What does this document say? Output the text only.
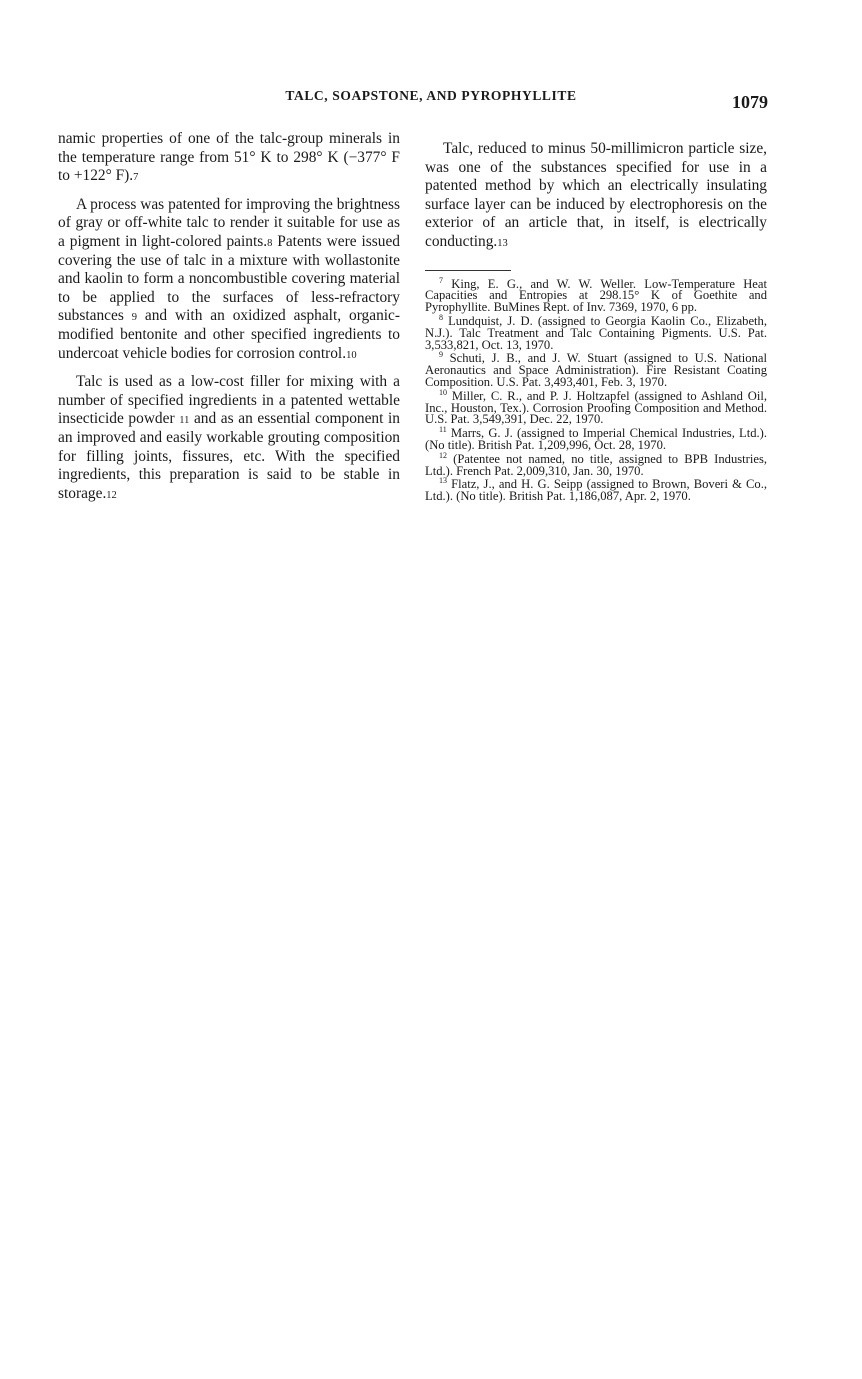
TALC, SOAPSTONE, AND PYROPHYLLITE	1079

namic properties of one of the talc-group minerals in the temperature range from 51° K to 298° K (−377° F to +122° F).7

A process was patented for improving the brightness of gray or off-white talc to render it suitable for use as a pigment in light-colored paints.8 Patents were issued covering the use of talc in a mixture with wollastonite and kaolin to form a noncombustible covering material to be applied to the surfaces of less-refractory substances 9 and with an oxidized asphalt, organic-modified bentonite and other specified ingredients to undercoat vehicle bodies for corrosion control.10

Talc is used as a low-cost filler for mixing with a number of specified ingredients in a patented wettable insecticide powder 11 and as an essential component in an improved and easily workable grouting composition for filling joints, fissures, etc. With the specified ingredients, this preparation is said to be stable in storage.12

Talc, reduced to minus 50-millimicron particle size, was one of the substances specified for use in a patented method by which an electrically insulating surface layer can be induced by electrophoresis on the exterior of an article that, in itself, is electrically conducting.13

$^7$ King, E. G., and W. W. Weller. Low-Temperature Heat Capacities and Entropies at 298.15° K of Goethite and Pyrophyllite. BuMines Rept. of Inv. 7369, 1970, 6 pp.

$^8$ Lundquist, J. D. (assigned to Georgia Kaolin Co., Elizabeth, N.J.). Talc Treatment and Talc Containing Pigments. U.S. Pat. 3,533,821, Oct. 13, 1970.

$^9$ Schuti, J. B., and J. W. Stuart (assigned to U.S. National Aeronautics and Space Administration). Fire Resistant Coating Composition. U.S. Pat. 3,493,401, Feb. 3, 1970.

$^{10}$ Miller, C. R., and P. J. Holtzapfel (assigned to Ashland Oil, Inc., Houston, Tex.). Corrosion Proofing Composition and Method. U.S. Pat. 3,549,391, Dec. 22, 1970.

$^{11}$ Marrs, G. J. (assigned to Imperial Chemical Industries, Ltd.). (No title). British Pat. 1,209,996, Oct. 28, 1970.

$^{12}$ (Patentee not named, no title, assigned to BPB Industries, Ltd.). French Pat. 2,009,310, Jan. 30, 1970.

$^{13}$ Flatz, J., and H. G. Seipp (assigned to Brown, Boveri & Co., Ltd.). (No title). British Pat. 1,186,087, Apr. 2, 1970.
